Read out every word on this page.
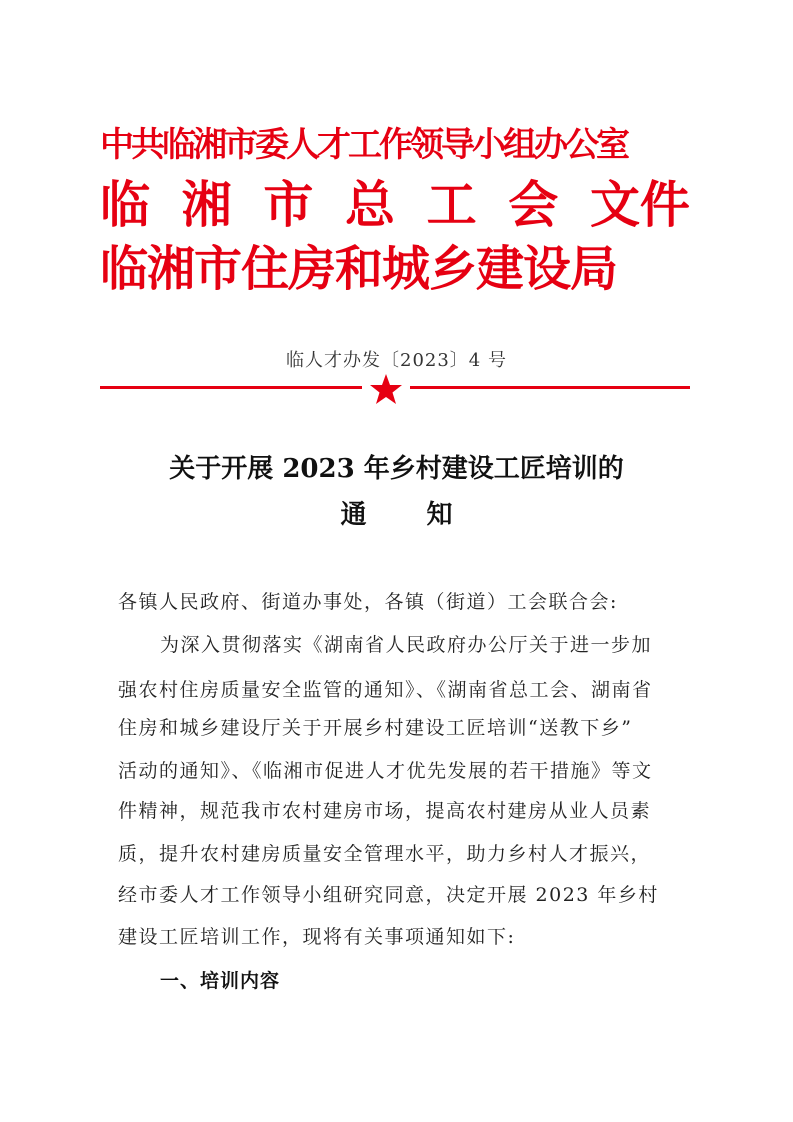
中共临湘市委人才工作领导小组办公室
临 湘 市 总 工 会 文件
临湘市住房和城乡建设局
临人才办发〔2023〕4 号
关于开展 2023 年乡村建设工匠培训的
通知
各镇人民政府、街道办事处，各镇（街道）工会联合会:
为深入贯彻落实《湖南省人民政府办公厅关于进一步加
强农村住房质量安全监管的通知》、《湖南省总工会、湖南省
住房和城乡建设厅关于开展乡村建设工匠培训“送教下乡”
活动的通知》、《临湘市促进人才优先发展的若干措施》等文
件精神，规范我市农村建房市场，提高农村建房从业人员素
质，提升农村建房质量安全管理水平，助力乡村人才振兴，
经市委人才工作领导小组研究同意，决定开展 2023 年乡村
建设工匠培训工作，现将有关事项通知如下:
一、培训内容
